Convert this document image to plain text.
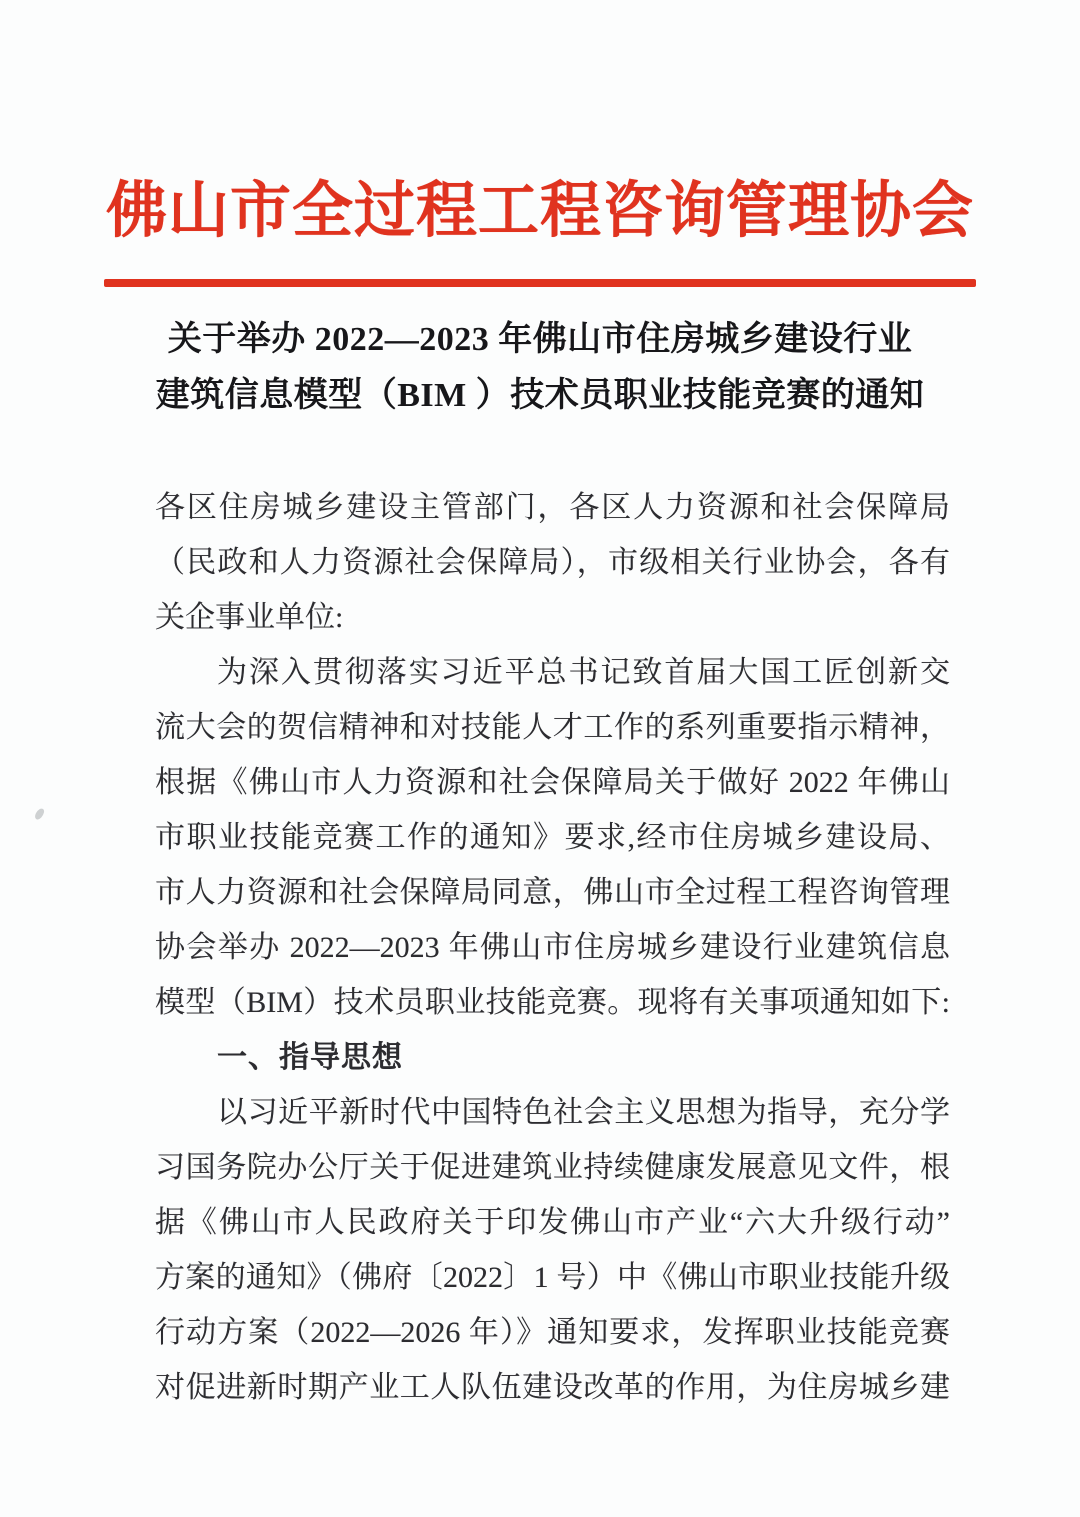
佛山市全过程工程咨询管理协会
关于举办 2022—2023 年佛山市住房城乡建设行业
建筑信息模型（BIM ）技术员职业技能竞赛的通知
各区住房城乡建设主管部门，各区人力资源和社会保障局
（民政和人力资源社会保障局），市级相关行业协会，各有
关企事业单位:
为深入贯彻落实习近平总书记致首届大国工匠创新交
流大会的贺信精神和对技能人才工作的系列重要指示精神，
根据《佛山市人力资源和社会保障局关于做好 2022 年佛山
市职业技能竞赛工作的通知》要求,经市住房城乡建设局、
市人力资源和社会保障局同意，佛山市全过程工程咨询管理
协会举办 2022—2023 年佛山市住房城乡建设行业建筑信息
模型（BIM）技术员职业技能竞赛。现将有关事项通知如下:
一、指导思想
以习近平新时代中国特色社会主义思想为指导，充分学
习国务院办公厅关于促进建筑业持续健康发展意见文件，根
据《佛山市人民政府关于印发佛山市产业“六大升级行动”
方案的通知》（佛府〔2022〕1 号）中《佛山市职业技能升级
行动方案（2022—2026 年）》通知要求，发挥职业技能竞赛
对促进新时期产业工人队伍建设改革的作用，为住房城乡建
